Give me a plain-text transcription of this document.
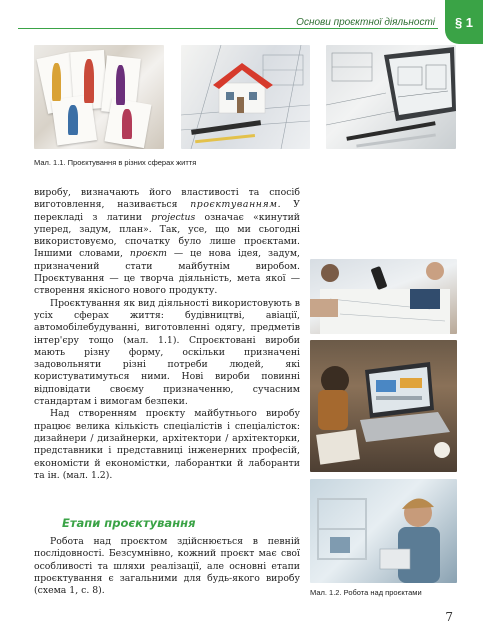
Основи проєктної діяльності § 1
Мал. 1.1. Проєктування в різних сферах життя
Мал. 1.2. Робота над проєктами

виробу, визначають його властивості та спосіб виготовлення, називається проєктуванням. У перекладі з латини projectus означає «кинутий уперед, задум, план». Так, усе, що ми сьогодні використовуємо, спочатку було лише проєктами. Іншими словами, проєкт — це нова ідея, задум, призначений стати майбутнім виробом. Проєктування — це творча діяльність, мета якої — створення якісного нового продукту.

Проєктування як вид діяльності використовують в усіх сферах життя: будівництві, авіації, автомобілебудуванні, виготовленні одягу, предметів інтер'єру тощо (мал. 1.1). Спроєктовані вироби мають різну форму, оскільки призначені задовольняти різні потреби людей, які користуватимуться ними. Нові вироби повинні відповідати своєму призначенню, сучасним стандартам і вимогам безпеки.

Над створенням проєкту майбутнього виробу працює велика кількість спеціалістів і спеціалісток: дизайнери / дизайнерки, архітектори / архітекторки, представники і представниці інженерних професій, економісти й економістки, лаборантки й лаборанти та ін. (мал. 1.2).

Етапи проєктування

Робота над проєктом здійснюється в певній послідовності. Безсумнівно, кожний проєкт має свої особливості та шляхи реалізації, але основні етапи проєктування є загальними для будь-якого виробу (схема 1, с. 8).

7
